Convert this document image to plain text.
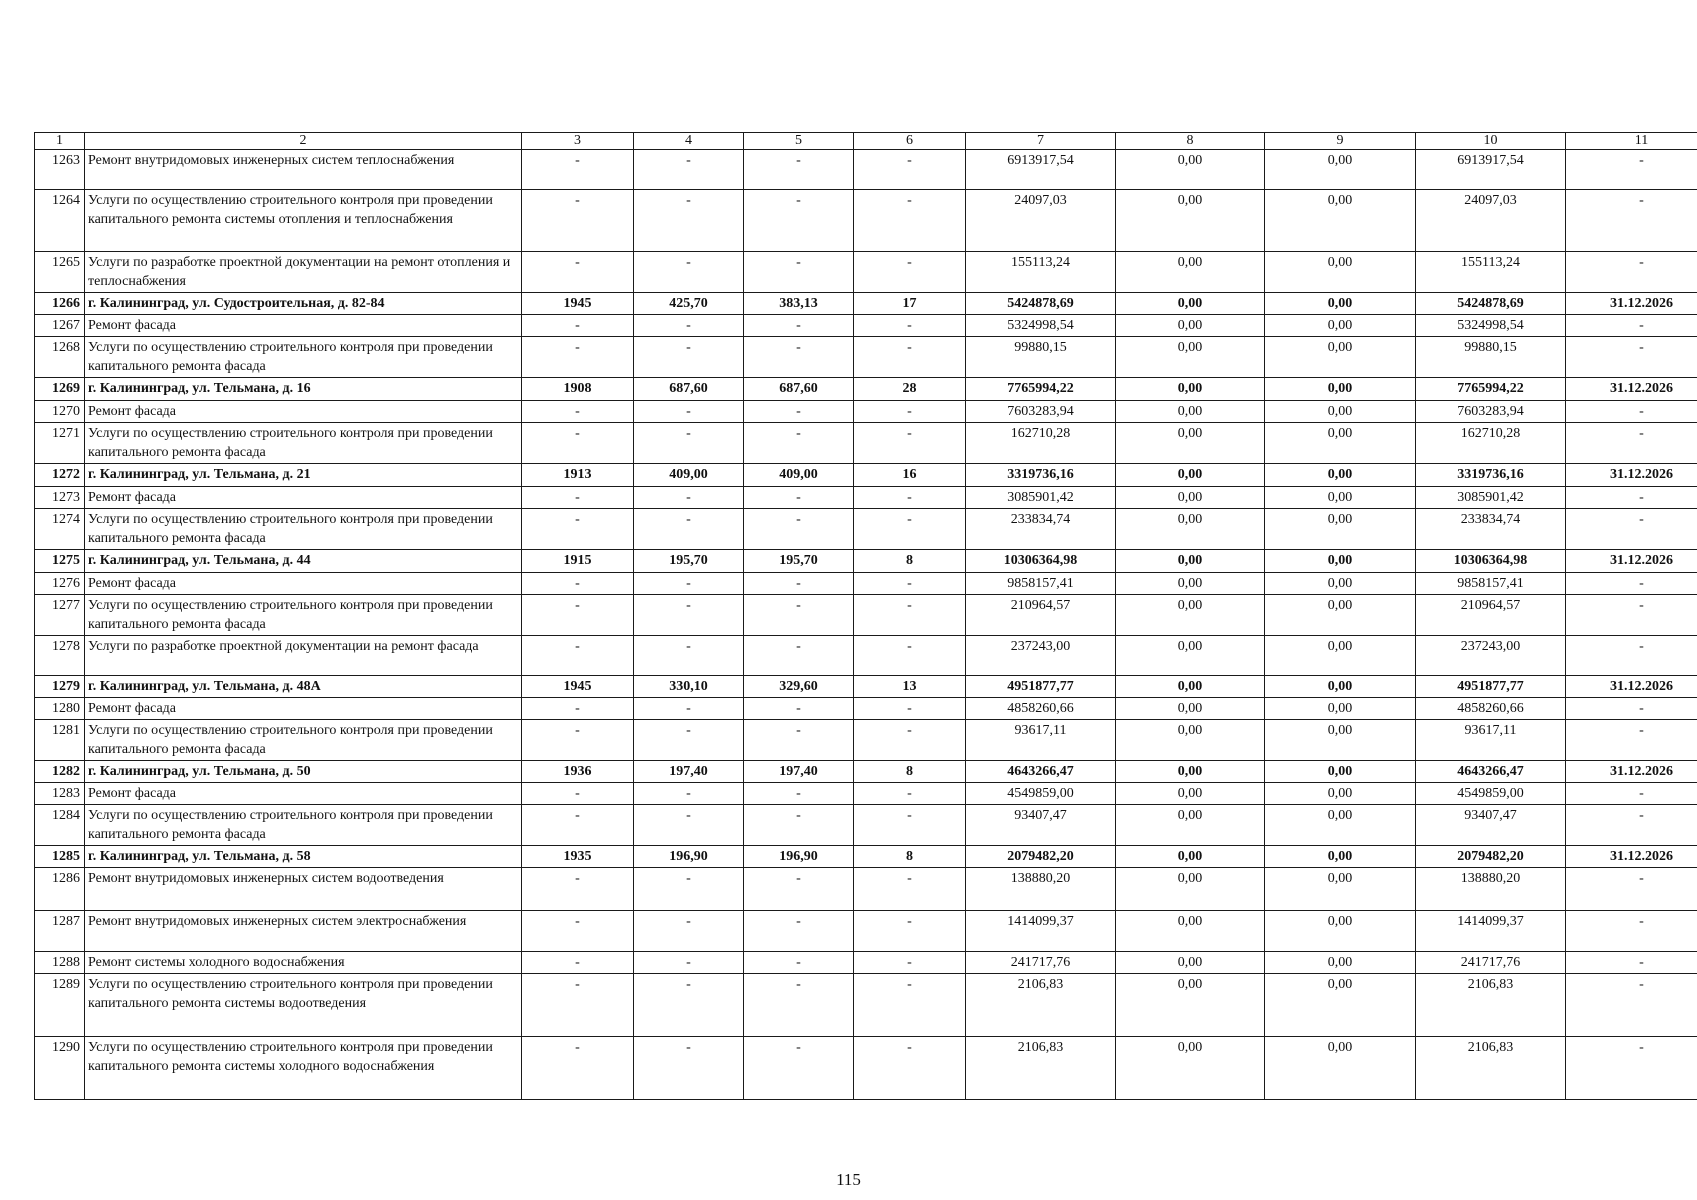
1	2	3	4	5	6	7	8	9	10	11
1263	Ремонт внутридомовых инженерных систем теплоснабжения	-	-	-	-	6913917,54	0,00	0,00	6913917,54	-
1264	Услуги по осуществлению строительного контроля при проведении капитального ремонта системы отопления и теплоснабжения	-	-	-	-	24097,03	0,00	0,00	24097,03	-
1265	Услуги по разработке проектной документации на ремонт отопления и теплоснабжения	-	-	-	-	155113,24	0,00	0,00	155113,24	-
1266	г. Калининград, ул. Судостроительная, д. 82-84	1945	425,70	383,13	17	5424878,69	0,00	0,00	5424878,69	31.12.2026
1267	Ремонт фасада	-	-	-	-	5324998,54	0,00	0,00	5324998,54	-
1268	Услуги по осуществлению строительного контроля при проведении капитального ремонта фасада	-	-	-	-	99880,15	0,00	0,00	99880,15	-
1269	г. Калининград, ул. Тельмана, д. 16	1908	687,60	687,60	28	7765994,22	0,00	0,00	7765994,22	31.12.2026
1270	Ремонт фасада	-	-	-	-	7603283,94	0,00	0,00	7603283,94	-
1271	Услуги по осуществлению строительного контроля при проведении капитального ремонта фасада	-	-	-	-	162710,28	0,00	0,00	162710,28	-
1272	г. Калининград, ул. Тельмана, д. 21	1913	409,00	409,00	16	3319736,16	0,00	0,00	3319736,16	31.12.2026
1273	Ремонт фасада	-	-	-	-	3085901,42	0,00	0,00	3085901,42	-
1274	Услуги по осуществлению строительного контроля при проведении капитального ремонта фасада	-	-	-	-	233834,74	0,00	0,00	233834,74	-
1275	г. Калининград, ул. Тельмана, д. 44	1915	195,70	195,70	8	10306364,98	0,00	0,00	10306364,98	31.12.2026
1276	Ремонт фасада	-	-	-	-	9858157,41	0,00	0,00	9858157,41	-
1277	Услуги по осуществлению строительного контроля при проведении капитального ремонта фасада	-	-	-	-	210964,57	0,00	0,00	210964,57	-
1278	Услуги по разработке проектной документации на ремонт фасада	-	-	-	-	237243,00	0,00	0,00	237243,00	-
1279	г. Калининград, ул. Тельмана, д. 48А	1945	330,10	329,60	13	4951877,77	0,00	0,00	4951877,77	31.12.2026
1280	Ремонт фасада	-	-	-	-	4858260,66	0,00	0,00	4858260,66	-
1281	Услуги по осуществлению строительного контроля при проведении капитального ремонта фасада	-	-	-	-	93617,11	0,00	0,00	93617,11	-
1282	г. Калининград, ул. Тельмана, д. 50	1936	197,40	197,40	8	4643266,47	0,00	0,00	4643266,47	31.12.2026
1283	Ремонт фасада	-	-	-	-	4549859,00	0,00	0,00	4549859,00	-
1284	Услуги по осуществлению строительного контроля при проведении капитального ремонта фасада	-	-	-	-	93407,47	0,00	0,00	93407,47	-
1285	г. Калининград, ул. Тельмана, д. 58	1935	196,90	196,90	8	2079482,20	0,00	0,00	2079482,20	31.12.2026
1286	Ремонт внутридомовых инженерных систем водоотведения	-	-	-	-	138880,20	0,00	0,00	138880,20	-
1287	Ремонт внутридомовых инженерных систем электроснабжения	-	-	-	-	1414099,37	0,00	0,00	1414099,37	-
1288	Ремонт системы холодного водоснабжения	-	-	-	-	241717,76	0,00	0,00	241717,76	-
1289	Услуги по осуществлению строительного контроля при проведении капитального ремонта системы водоотведения	-	-	-	-	2106,83	0,00	0,00	2106,83	-
1290	Услуги по осуществлению строительного контроля при проведении капитального ремонта системы холодного водоснабжения	-	-	-	-	2106,83	0,00	0,00	2106,83	-
115
